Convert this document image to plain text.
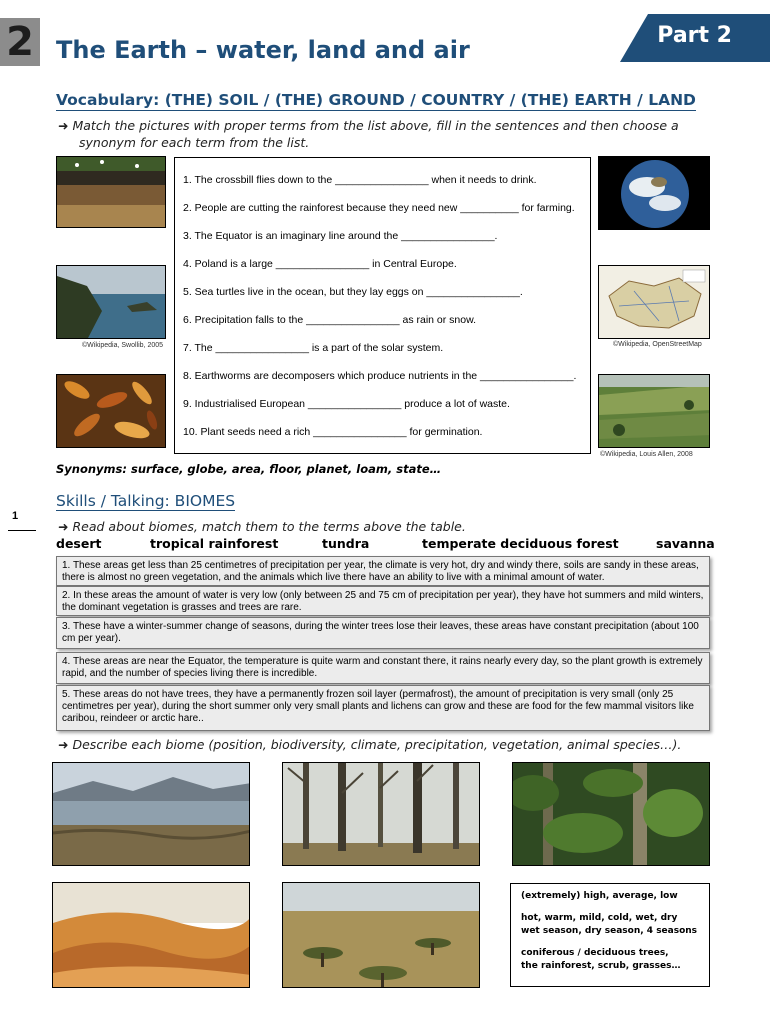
2 The Earth – water, land and air
Part 2
Vocabulary: (THE) SOIL / (THE) GROUND / COUNTRY / (THE) EARTH / LAND
➜ Match the pictures with proper terms from the list above, fill in the sentences and then choose a
synonym for each term from the list.
©Wikipedia, Swollib, 2005
1. The crossbill flies down to the ________________ when it needs to drink.
2. People are cutting the rainforest because they need new __________ for farming.
3. The Equator is an imaginary line around the ________________.
4. Poland is a large ________________ in Central Europe.
5. Sea turtles live in the ocean, but they lay eggs on ________________.
6. Precipitation falls to the ________________ as rain or snow.
7. The ________________ is a part of the solar system.
8. Earthworms are decomposers which produce nutrients in the ________________.
9. Industrialised European ________________ produce a lot of waste.
10. Plant seeds need a rich ________________ for germination.
©Wikipedia, OpenStreetMap
©Wikipedia, Louis Allen, 2008
Synonyms: surface, globe, area, floor, planet, loam, state…
Skills / Talking: BIOMES
1
➜ Read about biomes, match them to the terms above the table.
desert	tropical rainforest	tundra	temperate deciduous forest	savanna
1. These areas get less than 25 centimetres of precipitation per year, the climate is very hot, dry and windy there, soils are sandy in these areas, there is almost no green vegetation, and the animals which live there have an ability to live with a minimal amount of water.
2. In these areas the amount of water is very low (only between 25 and 75 cm of precipitation per year), they have hot summers and mild winters, the dominant vegetation is grasses and trees are rare.
3. These have a winter-summer change of seasons, during the winter trees lose their leaves, these areas have constant precipitation (about 100 cm per year).
4. These areas are near the Equator, the temperature is quite warm and constant there, it rains nearly every day, so the plant growth is extremely rapid, and the number of species living there is incredible.
5. These areas do not have trees, they have a permanently frozen soil layer (permafrost), the amount of precipitation is very small (only 25 centimetres per year), during the short summer only very small plants and lichens can grow and these are food for the few mammal visitors like caribou, reindeer or arctic hare..
➜ Describe each biome (position, biodiversity, climate, precipitation, vegetation, animal species…).
(extremely) high, average, low
hot, warm, mild, cold, wet, dry
wet season, dry season, 4 seasons
coniferous / deciduous trees,
the rainforest, scrub, grasses…
